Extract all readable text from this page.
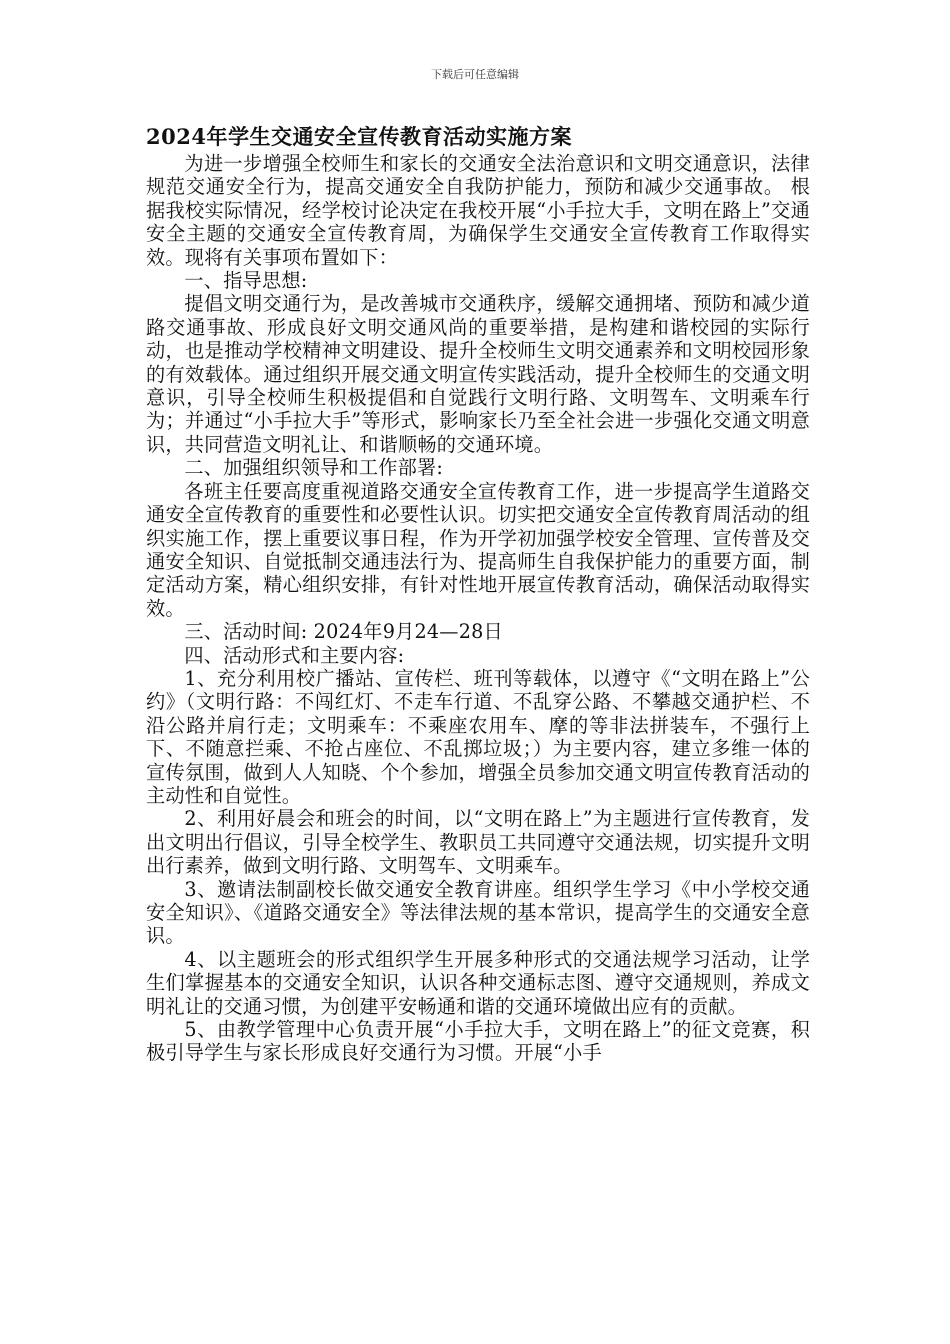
下载后可任意编辑
2024年学生交通安全宣传教育活动实施方案

为进一步增强全校师生和家长的交通安全法治意识和文明交通意识，法律规范交通安全行为，提高交通安全自我防护能力，预防和减少交通事故。 根据我校实际情况，经学校讨论决定在我校开展“小手拉大手，文明在路上”交通安全主题的交通安全宣传教育周，为确保学生交通安全宣传教育工作取得实效。现将有关事项布置如下：

一、指导思想:

提倡文明交通行为，是改善城市交通秩序，缓解交通拥堵、预防和减少道路交通事故、形成良好文明交通风尚的重要举措，是构建和谐校园的实际行动，也是推动学校精神文明建设、提升全校师生文明交通素养和文明校园形象的有效载体。通过组织开展交通文明宣传实践活动，提升全校师生的交通文明意识，引导全校师生积极提倡和自觉践行文明行路、文明驾车、文明乘车行为；并通过“小手拉大手”等形式，影响家长乃至全社会进一步强化交通文明意识，共同营造文明礼让、和谐顺畅的交通环境。

二、加强组织领导和工作部署:

各班主任要高度重视道路交通安全宣传教育工作，进一步提高学生道路交通安全宣传教育的重要性和必要性认识。切实把交通安全宣传教育周活动的组织实施工作，摆上重要议事日程，作为开学初加强学校安全管理、宣传普及交通安全知识、自觉抵制交通违法行为、提高师生自我保护能力的重要方面，制定活动方案，精心组织安排，有针对性地开展宣传教育活动，确保活动取得实效。

三、活动时间: 2024年9月24—28日

四、活动形式和主要内容:

1、充分利用校广播站、宣传栏、班刊等载体，以遵守《“文明在路上”公约》（文明行路：不闯红灯、不走车行道、不乱穿公路、不攀越交通护栏、不沿公路并肩行走；文明乘车：不乘座农用车、摩的等非法拼装车，不强行上下、不随意拦乘、不抢占座位、不乱掷垃圾；）为主要内容，建立多维一体的宣传氛围，做到人人知晓、个个参加，增强全员参加交通文明宣传教育活动的主动性和自觉性。

2、利用好晨会和班会的时间，以“文明在路上”为主题进行宣传教育，发出文明出行倡议，引导全校学生、教职员工共同遵守交通法规，切实提升文明出行素养，做到文明行路、文明驾车、文明乘车。

3、邀请法制副校长做交通安全教育讲座。组织学生学习《中小学校交通安全知识》、《道路交通安全》等法律法规的基本常识，提高学生的交通安全意识。

4、以主题班会的形式组织学生开展多种形式的交通法规学习活动，让学生们掌握基本的交通安全知识，认识各种交通标志图、遵守交通规则，养成文明礼让的交通习惯，为创建平安畅通和谐的交通环境做出应有的贡献。

5、由教学管理中心负责开展“小手拉大手，文明在路上”的征文竞赛，积极引导学生与家长形成良好交通行为习惯。开展“小手
